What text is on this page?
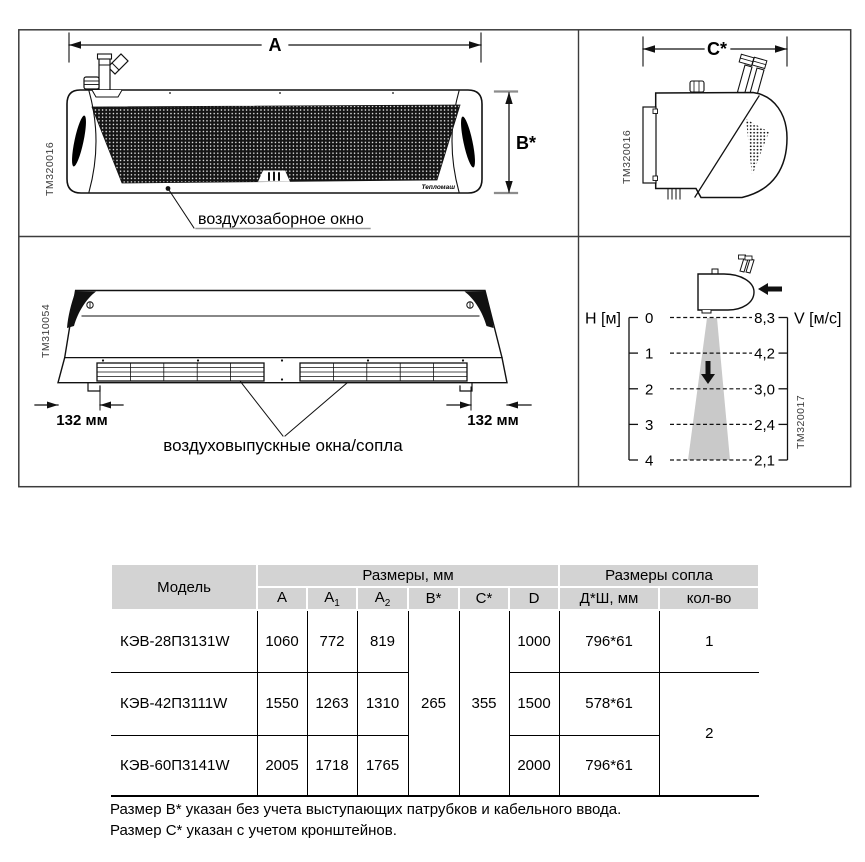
A
Тепломаш
B*
воздухозаборное окно
TM320016
C*
TM320016
132 мм	132 мм
воздуховыпускные окна/сопла
TM310054	H [м] 0
1
2
3
4
8,3
4,2
3,0
2,4
2,1
V [м/с]
TM320017
Модель	Размеры, мм						Размеры сопла	
	А	$А_1$	$А_2$	B*	C*	D	Д*Ш, мм	кол-во
КЭВ-28П3131W	1060	772	819	265	355	1000	796*61	1
КЭВ-42П3111W	1550	1263	1310			1500	578*61	2
КЭВ-60П3141W	2005	1718	1765			2000	796*61	
Размер B* указан без учета выступающих патрубков и кабельного ввода.
Размер C* указан с учетом кронштейнов.
